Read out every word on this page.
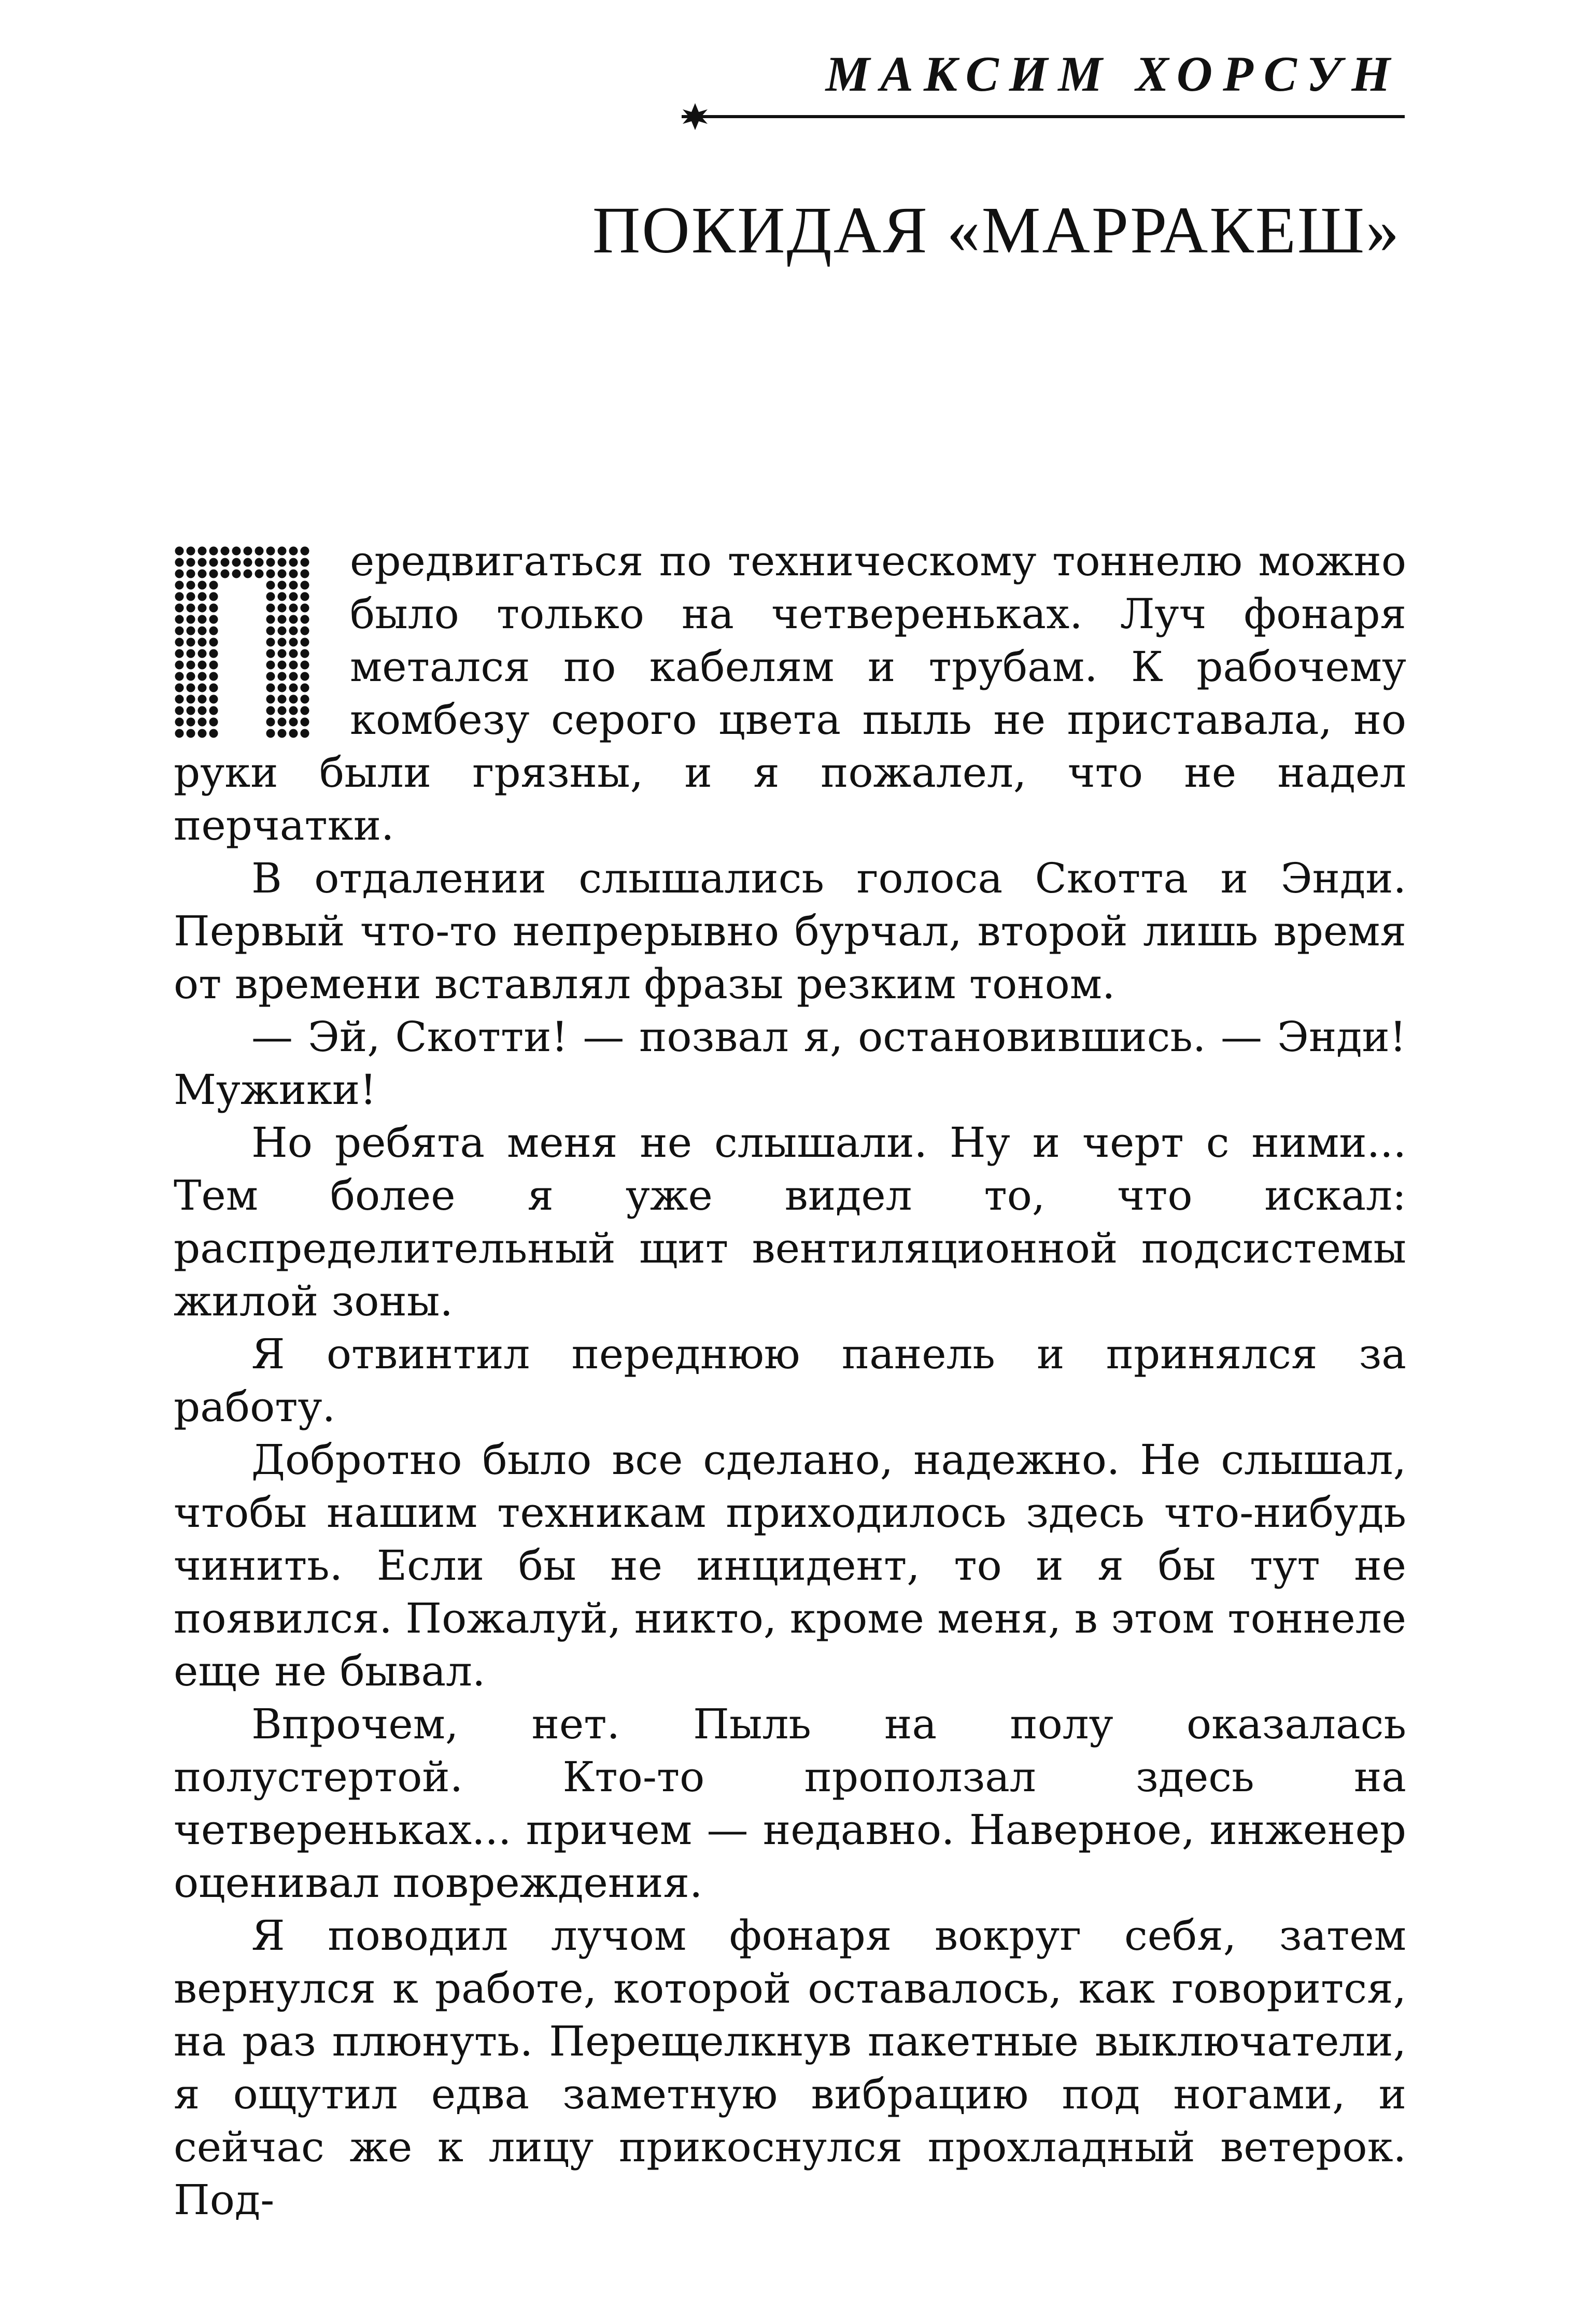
МАКСИМ ХОРСУН
ПОКИДАЯ «МАРРАКЕШ»

ередвигаться по техническому тоннелю можно было только на четвереньках. Луч фонаря метался по кабелям и трубам. К рабочему комбезу серого цвета пыль не приставала, но руки были грязны, и я пожалел, что не надел перчатки.

В отдалении слышались голоса Скотта и Энди. Первый что-то непрерывно бурчал, второй лишь время от времени вставлял фразы резким тоном.

— Эй, Скотти! — позвал я, остановившись. — Энди! Мужики!

Но ребята меня не слышали. Ну и черт с ними... Тем более я уже видел то, что искал: распределительный щит вентиляционной подсистемы жилой зоны.

Я отвинтил переднюю панель и принялся за работу.

Добротно было все сделано, надежно. Не слышал, чтобы нашим техникам приходилось здесь что-нибудь чинить. Если бы не инцидент, то и я бы тут не появился. Пожалуй, никто, кроме меня, в этом тоннеле еще не бывал.

Впрочем, нет. Пыль на полу оказалась полустертой. Кто-то проползал здесь на четвереньках... причем — недавно. Наверное, инженер оценивал повреждения.

Я поводил лучом фонаря вокруг себя, затем вернулся к работе, которой оставалось, как говорится, на раз плюнуть. Перещелкнув пакетные выключатели, я ощутил едва заметную вибрацию под ногами, и сейчас же к лицу прикоснулся прохладный ветерок. Под-
